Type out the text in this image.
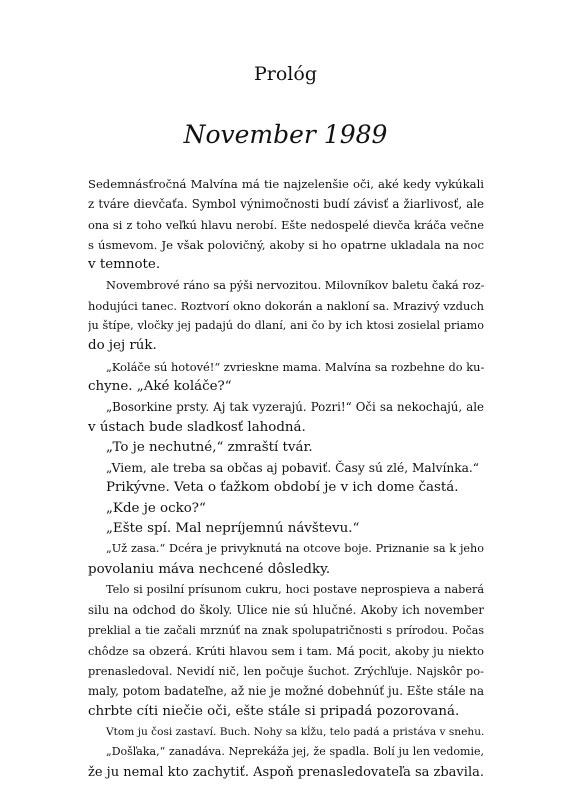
Prológ
November 1989
Sedemnásťročná Malvína má tie najzelenšie oči, aké kedy vykúkali
z tváre dievčaťa. Symbol výnimočnosti budí závisť a žiarlivosť, ale
ona si z toho veľkú hlavu nerobí. Ešte nedospelé dievča kráča večne
s úsmevom. Je však polovičný, akoby si ho opatrne ukladala na noc
v temnote.
Novembrové ráno sa pýši nervozitou. Milovníkov baletu čaká roz-
hodujúci tanec. Roztvorí okno dokorán a nakloní sa. Mrazivý vzduch
ju štípe, vločky jej padajú do dlaní, ani čo by ich ktosi zosielal priamo
do jej rúk.
„Koláče sú hotové!“ zvrieskne mama. Malvína sa rozbehne do ku-
chyne. „Aké koláče?“
„Bosorkine prsty. Aj tak vyzerajú. Pozri!“ Oči sa nekochajú, ale
v ústach bude sladkosť lahodná.
„To je nechutné,“ zmraští tvár.
„Viem, ale treba sa občas aj pobaviť. Časy sú zlé, Malvínka.“
Prikývne. Veta o ťažkom období je v ich dome častá.
„Kde je ocko?“
„Ešte spí. Mal nepríjemnú návštevu.“
„Už zasa.“ Dcéra je privyknutá na otcove boje. Priznanie sa k jeho
povolaniu máva nechcené dôsledky.
Telo si posilní prísunom cukru, hoci postave neprospieva a naberá
silu na odchod do školy. Ulice nie sú hlučné. Akoby ich november
preklial a tie začali mrznúť na znak spolupatričnosti s prírodou. Počas
chôdze sa obzerá. Krúti hlavou sem i tam. Má pocit, akoby ju niekto
prenasledoval. Nevidí nič, len počuje šuchot. Zrýchľuje. Najskôr po-
maly, potom badateľne, až nie je možné dobehnúť ju. Ešte stále na
chrbte cíti niečie oči, ešte stále si pripadá pozorovaná.
Vtom ju čosi zastaví. Buch. Nohy sa kĺžu, telo padá a pristáva v snehu.
„Došľaka,“ zanadáva. Neprekáža jej, že spadla. Bolí ju len vedomie,
že ju nemal kto zachytiť. Aspoň prenasledovateľa sa zbavila.
